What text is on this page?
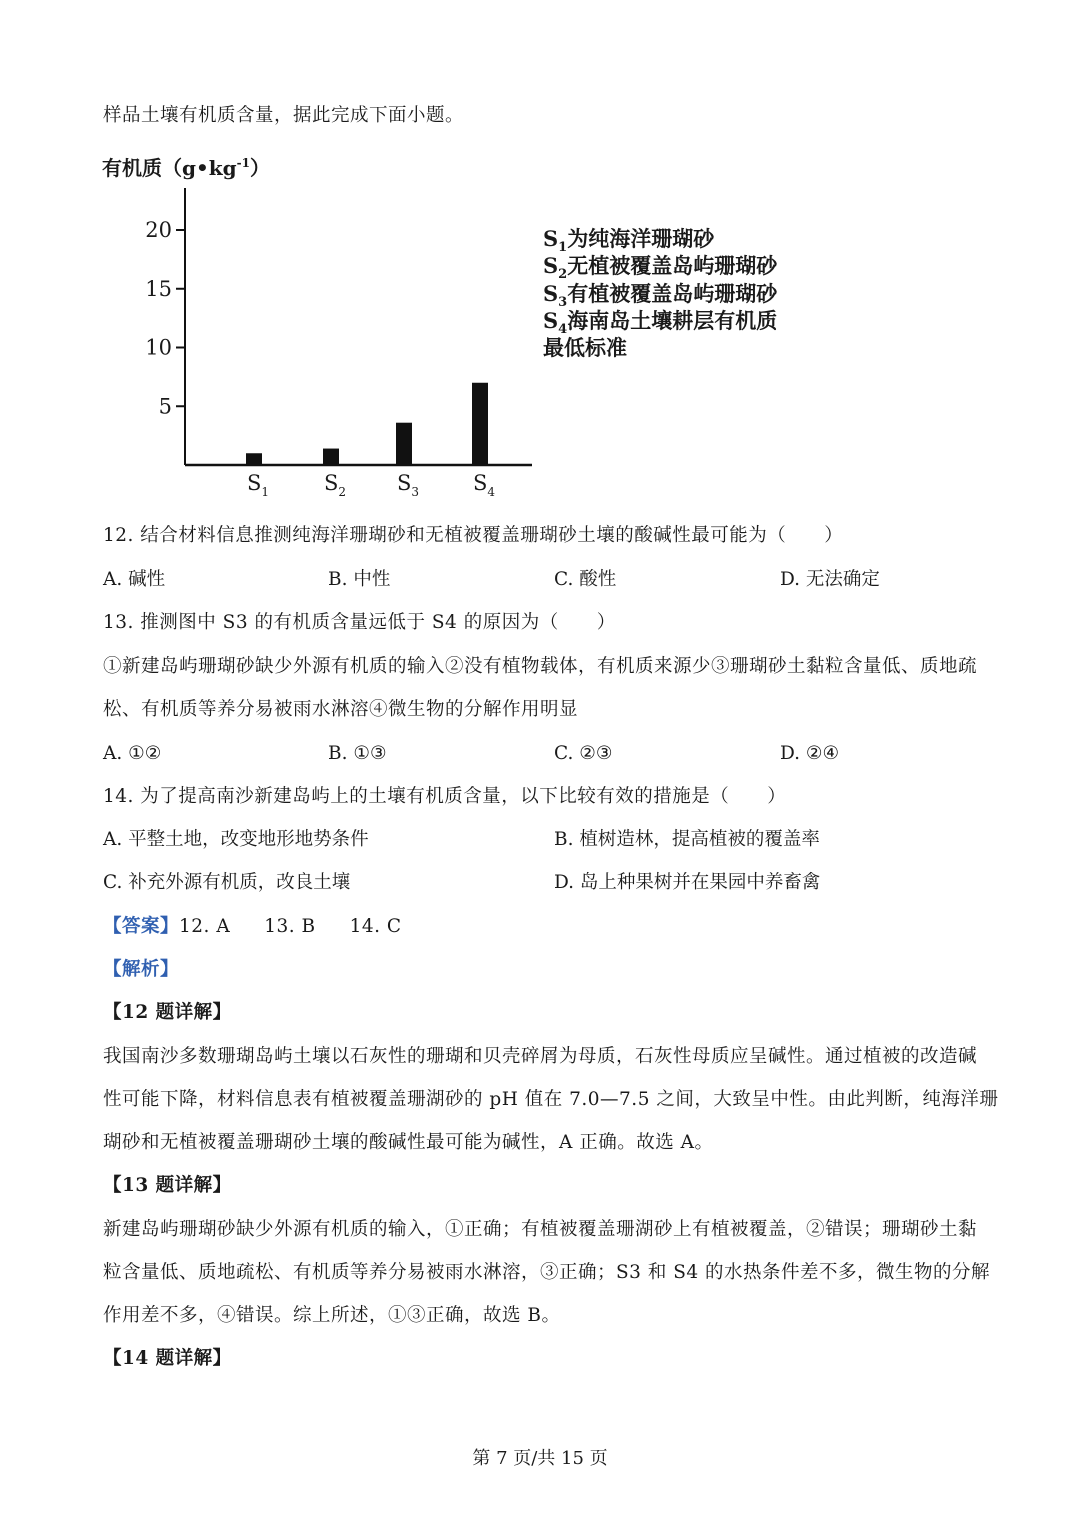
样品土壤有机质含量，据此完成下面小题。
有机质$(g•kg^{-1})$
5
10
15
20
$S_1$	$S_2$ $S_3$	$S_4$
$S_1$为纯海洋珊瑚砂
$S_2$无植被覆盖岛屿珊瑚砂
$S_3$有植被覆盖岛屿珊瑚砂
$S_4$海南岛土壤耕层有机质
最低标准
12. 结合材料信息推测纯海洋珊瑚砂和无植被覆盖珊瑚砂土壤的酸碱性最可能为（　　）
A. 碱性	B. 中性	C. 酸性	D. 无法确定
13. 推测图中 S3 的有机质含量远低于 S4 的原因为（　　）
①新建岛屿珊瑚砂缺少外源有机质的输入②没有植物载体，有机质来源少③珊瑚砂土黏粒含量低、质地疏
松、有机质等养分易被雨水淋溶④微生物的分解作用明显
A. ①②	B. ①③	C. ②③	D. ②④
14. 为了提高南沙新建岛屿上的土壤有机质含量，以下比较有效的措施是（　　）
A. 平整土地，改变地形地势条件	B. 植树造林，提高植被的覆盖率
C. 补充外源有机质，改良土壤	D. 岛上种果树并在果园中养畜禽
【答案】12. A 13. B 14. C
【解析】
【12 题详解】
我国南沙多数珊瑚岛屿土壤以石灰性的珊瑚和贝壳碎屑为母质，石灰性母质应呈碱性。通过植被的改造碱
性可能下降，材料信息表有植被覆盖珊湖砂的 pH 值在 7.0—7.5 之间，大致呈中性。由此判断，纯海洋珊
瑚砂和无植被覆盖珊瑚砂土壤的酸碱性最可能为碱性，A 正确。故选 A。
【13 题详解】
新建岛屿珊瑚砂缺少外源有机质的输入，①正确；有植被覆盖珊湖砂上有植被覆盖，②错误；珊瑚砂土黏
粒含量低、质地疏松、有机质等养分易被雨水淋溶，③正确；S3 和 S4 的水热条件差不多，微生物的分解
作用差不多，④错误。综上所述，①③正确，故选 B。
【14 题详解】
第 7 页/共 15 页
